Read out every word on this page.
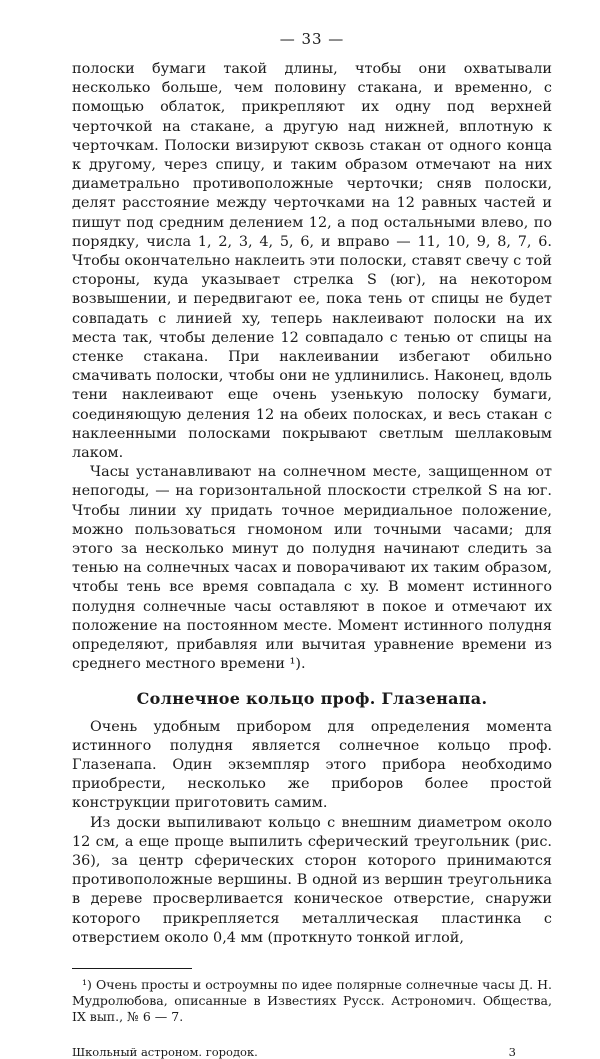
— 33 —

полоски бумаги такой длины, чтобы они охватывали несколько больше, чем половину стакана, и временно, с помощью облаток, прикрепляют их одну под верхней черточкой на стакане, а другую над нижней, вплотную к черточкам. Полоски визируют сквозь стакан от одного конца к другому, через спицу, и таким образом отмечают на них диаметрально противоположные черточки; сняв полоски, делят расстояние между черточками на 12 равных частей и пишут под средним делением 12, а под остальными влево, по порядку, числа 1, 2, 3, 4, 5, 6, и вправо — 11, 10, 9, 8, 7, 6. Чтобы окончательно наклеить эти полоски, ставят свечу с той стороны, куда указывает стрелка S (юг), на некотором возвышении, и передвигают ее, пока тень от спицы не будет совпадать с линией xy, теперь наклеивают полоски на их места так, чтобы деление 12 совпадало с тенью от спицы на стенке стакана. При наклеивании избегают обильно смачивать полоски, чтобы они не удлинились. Наконец, вдоль тени наклеивают еще очень узенькую полоску бумаги, соединяющую деления 12 на обеих полосках, и весь стакан с наклеенными полосками покрывают светлым шеллаковым лаком.

Часы устанавливают на солнечном месте, защищенном от непогоды, — на горизонтальной плоскости стрелкой S на юг. Чтобы линии xy придать точное меридиальное положение, можно пользоваться гномоном или точными часами; для этого за несколько минут до полудня начинают следить за тенью на солнечных часах и поворачивают их таким образом, чтобы тень все время совпадала с xy. В момент истинного полудня солнечные часы оставляют в покое и отмечают их положение на постоянном месте. Момент истинного полудня определяют, прибавляя или вычитая уравнение времени из среднего местного времени ¹).

Солнечное кольцо проф. Глазенапа.

Очень удобным прибором для определения момента истинного полудня является солнечное кольцо проф. Глазенапа. Один экземпляр этого прибора необходимо приобрести, несколько же приборов более простой конструкции приготовить самим.

Из доски выпиливают кольцо с внешним диаметром около 12 см, а еще проще выпилить сферический треугольник (рис. 36), за центр сферических сторон которого принимаются противоположные вершины. В одной из вершин треугольника в дереве просверливается коническое отверстие, снаружи которого прикрепляется металлическая пластинка с отверстием около 0,4 мм (проткнуто тонкой иглой,

¹) Очень просты и остроумны по идее полярные солнечные часы Д. Н. Мудролюбова, описанные в Известиях Русск. Астрономич. Общества, IX вып., № 6 — 7.

Школьный астроном. городок.	3
